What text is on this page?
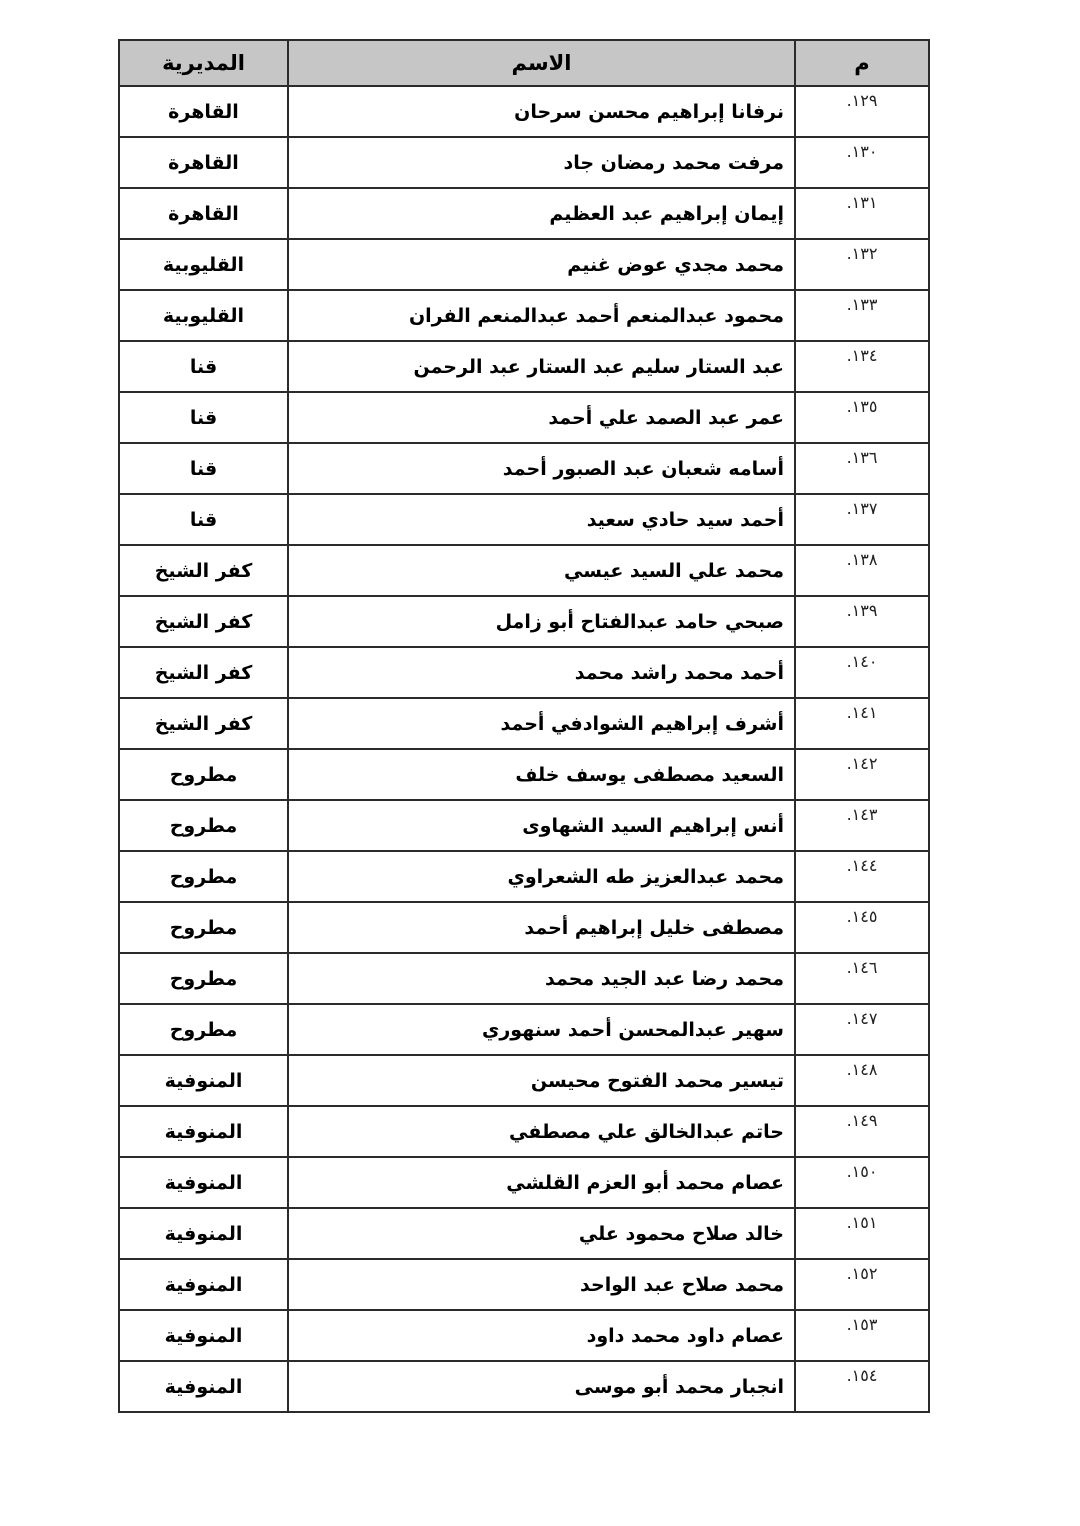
م	الاسم	المديرية
١٢٩.	نرفانا إبراهيم محسن سرحان	القاهرة
١٣٠.	مرفت محمد رمضان جاد	القاهرة
١٣١.	إيمان إبراهيم عبد العظيم	القاهرة
١٣٢.	محمد مجدي عوض غنيم	القليوبية
١٣٣.	محمود عبدالمنعم أحمد عبدالمنعم الفران	القليوبية
١٣٤.	عبد الستار سليم عبد الستار عبد الرحمن	قنا
١٣٥.	عمر عبد الصمد علي أحمد	قنا
١٣٦.	أسامه شعبان عبد الصبور أحمد	قنا
١٣٧.	أحمد سيد حادي سعيد	قنا
١٣٨.	محمد علي السيد عيسي	كفر الشيخ
١٣٩.	صبحي حامد عبدالفتاح أبو زامل	كفر الشيخ
١٤٠.	أحمد محمد راشد محمد	كفر الشيخ
١٤١.	أشرف إبراهيم الشوادفي أحمد	كفر الشيخ
١٤٢.	السعيد مصطفى يوسف خلف	مطروح
١٤٣.	أنس إبراهيم السيد الشهاوى	مطروح
١٤٤.	محمد عبدالعزيز طه الشعراوي	مطروح
١٤٥.	مصطفى خليل إبراهيم أحمد	مطروح
١٤٦.	محمد رضا عبد الجيد محمد	مطروح
١٤٧.	سهير عبدالمحسن أحمد سنهوري	مطروح
١٤٨.	تيسير محمد الفتوح محيسن	المنوفية
١٤٩.	حاتم عبدالخالق علي مصطفي	المنوفية
١٥٠.	عصام محمد أبو العزم القلشي	المنوفية
١٥١.	خالد صلاح محمود علي	المنوفية
١٥٢.	محمد صلاح عبد الواحد	المنوفية
١٥٣.	عصام داود محمد داود	المنوفية
١٥٤.	انجبار محمد أبو موسى	المنوفية
